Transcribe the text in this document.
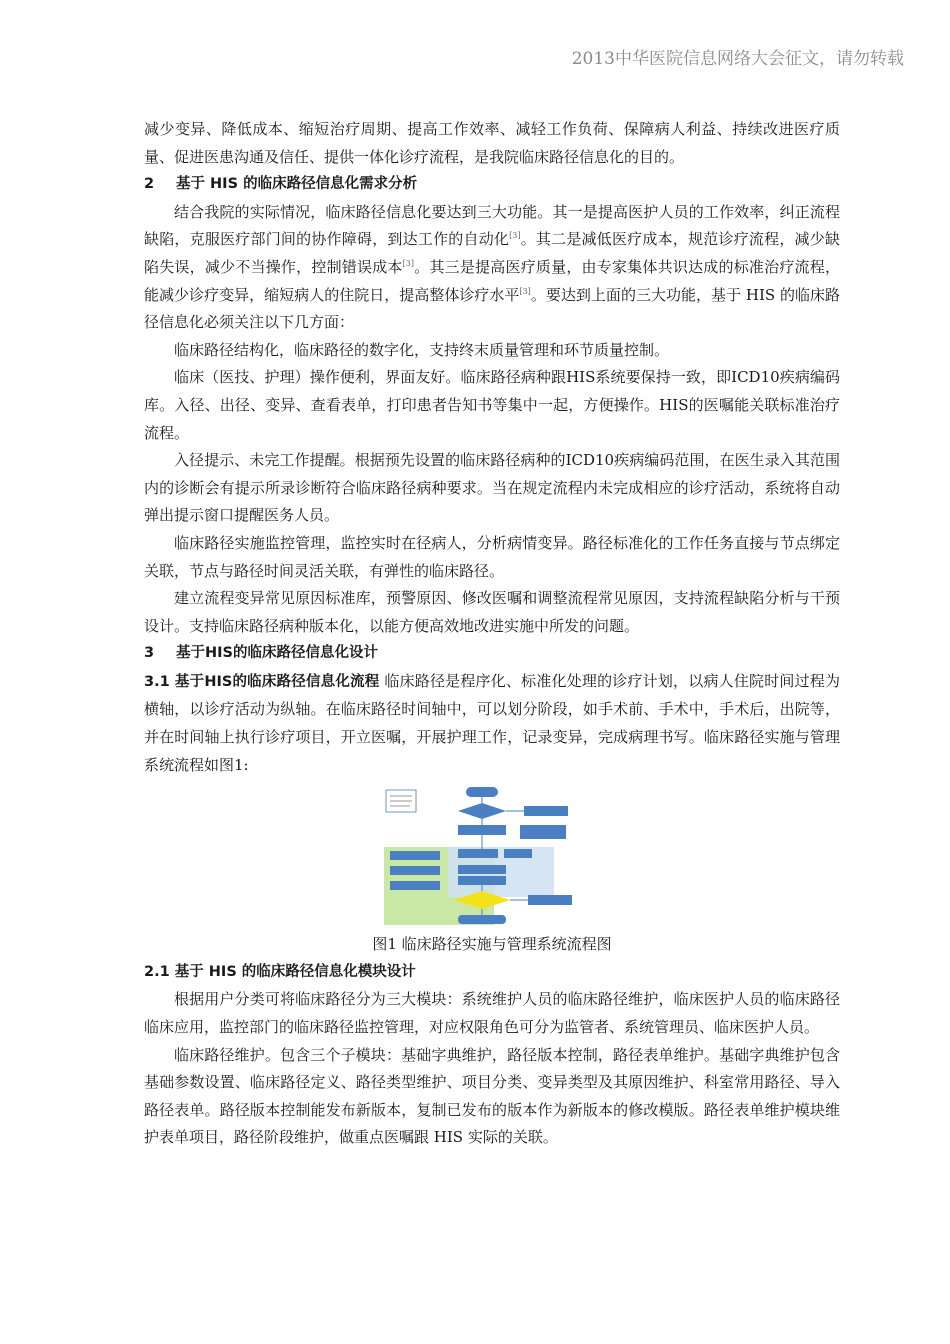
2013中华医院信息网络大会征文，请勿转载

减少变异、降低成本、缩短治疗周期、提高工作效率、减轻工作负荷、保障病人利益、持续改进医疗质量、促进医患沟通及信任、提供一体化诊疗流程，是我院临床路径信息化的目的。

2 基于 HIS 的临床路径信息化需求分析

结合我院的实际情况，临床路径信息化要达到三大功能。其一是提高医护人员的工作效率，纠正流程缺陷，克服医疗部门间的协作障碍，到达工作的自动化[3]。其二是减低医疗成本，规范诊疗流程，减少缺陷失误，减少不当操作，控制错误成本[3]。其三是提高医疗质量，由专家集体共识达成的标准治疗流程，能减少诊疗变异，缩短病人的住院日，提高整体诊疗水平[3]。要达到上面的三大功能，基于 HIS 的临床路径信息化必须关注以下几方面：

临床路径结构化，临床路径的数字化，支持终末质量管理和环节质量控制。

临床（医技、护理）操作便利，界面友好。临床路径病种跟HIS系统要保持一致，即ICD10疾病编码库。入径、出径、变异、查看表单，打印患者告知书等集中一起，方便操作。HIS的医嘱能关联标准治疗流程。

入径提示、未完工作提醒。根据预先设置的临床路径病种的ICD10疾病编码范围，在医生录入其范围内的诊断会有提示所录诊断符合临床路径病种要求。当在规定流程内未完成相应的诊疗活动，系统将自动弹出提示窗口提醒医务人员。

临床路径实施监控管理，监控实时在径病人，分析病情变异。路径标准化的工作任务直接与节点绑定关联，节点与路径时间灵活关联，有弹性的临床路径。

建立流程变异常见原因标准库，预警原因、修改医嘱和调整流程常见原因，支持流程缺陷分析与干预设计。支持临床路径病种版本化，以能方便高效地改进实施中所发的问题。

3 基于HIS的临床路径信息化设计

3.1 基于HIS的临床路径信息化流程 临床路径是程序化、标准化处理的诊疗计划，以病人住院时间过程为横轴，以诊疗活动为纵轴。在临床路径时间轴中，可以划分阶段，如手术前、手术中，手术后，出院等，并在时间轴上执行诊疗项目，开立医嘱，开展护理工作，记录变异，完成病理书写。临床路径实施与管理系统流程如图1:

图1 临床路径实施与管理系统流程图

2.1 基于 HIS 的临床路径信息化模块设计

根据用户分类可将临床路径分为三大模块：系统维护人员的临床路径维护，临床医护人员的临床路径临床应用，监控部门的临床路径监控管理，对应权限角色可分为监管者、系统管理员、临床医护人员。

临床路径维护。包含三个子模块：基础字典维护，路径版本控制，路径表单维护。基础字典维护包含基础参数设置、临床路径定义、路径类型维护、项目分类、变异类型及其原因维护、科室常用路径、导入路径表单。路径版本控制能发布新版本，复制已发布的版本作为新版本的修改模版。路径表单维护模块维护表单项目，路径阶段维护，做重点医嘱跟 HIS 实际的关联。
